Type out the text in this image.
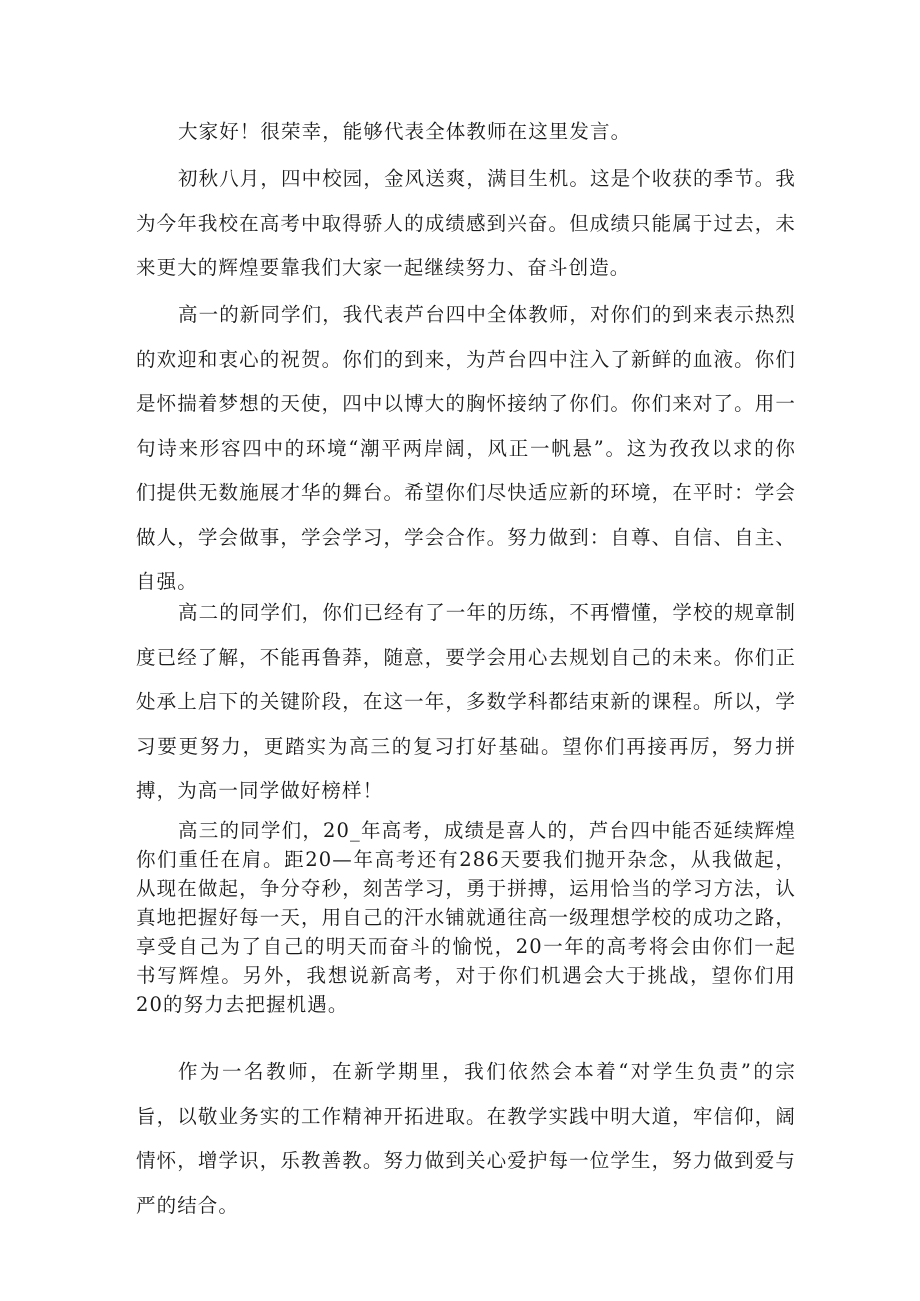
大家好！很荣幸，能够代表全体教师在这里发言。

初秋八月，四中校园，金风送爽，满目生机。这是个收获的季节。我为今年我校在高考中取得骄人的成绩感到兴奋。但成绩只能属于过去，未来更大的辉煌要靠我们大家一起继续努力、奋斗创造。

高一的新同学们，我代表芦台四中全体教师，对你们的到来表示热烈的欢迎和衷心的祝贺。你们的到来，为芦台四中注入了新鲜的血液。你们是怀揣着梦想的天使，四中以博大的胸怀接纳了你们。你们来对了。用一句诗来形容四中的环境“潮平两岸阔，风正一帆悬”。这为孜孜以求的你们提供无数施展才华的舞台。希望你们尽快适应新的环境，在平时：学会做人，学会做事，学会学习，学会合作。努力做到：自尊、自信、自主、自强。

高二的同学们，你们已经有了一年的历练，不再懵懂，学校的规章制度已经了解，不能再鲁莽，随意，要学会用心去规划自己的未来。你们正处承上启下的关键阶段，在这一年，多数学科都结束新的课程。所以，学习要更努力，更踏实为高三的复习打好基础。望你们再接再厉，努力拼搏，为高一同学做好榜样！

高三的同学们，20_年高考，成绩是喜人的，芦台四中能否延续辉煌你们重任在肩。距20—年高考还有286天要我们抛开杂念，从我做起，从现在做起，争分夺秒，刻苦学习，勇于拼搏，运用恰当的学习方法，认真地把握好每一天，用自己的汗水铺就通往高一级理想学校的成功之路，享受自己为了自己的明天而奋斗的愉悦，20一年的高考将会由你们一起书写辉煌。另外，我想说新高考，对于你们机遇会大于挑战，望你们用20的努力去把握机遇。

作为一名教师，在新学期里，我们依然会本着“对学生负责”的宗旨，以敬业务实的工作精神开拓进取。在教学实践中明大道，牢信仰，阔情怀，增学识，乐教善教。努力做到关心爱护每一位学生，努力做到爱与严的结合。
